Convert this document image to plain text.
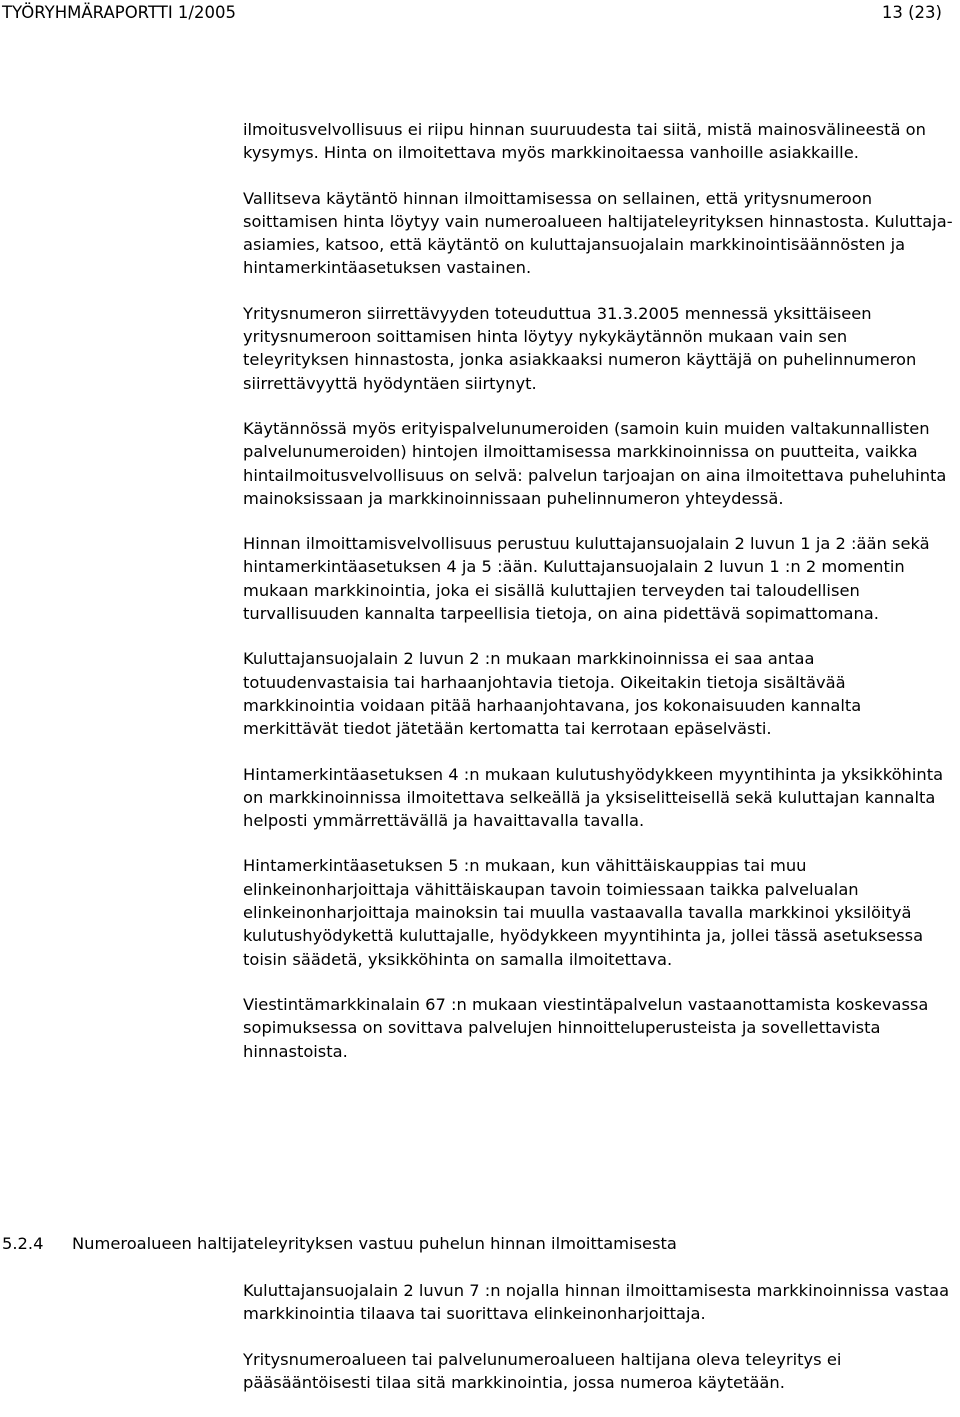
TYÖRYHMÄRAPORTTI 1/2005	13 (23)

ilmoitusvelvollisuus ei riipu hinnan suuruudesta tai siitä, mistä mainosvälineestä on kysymys. Hinta on ilmoitettava myös markkinoitaessa vanhoille asiakkaille.

Vallitseva käytäntö hinnan ilmoittamisessa on sellainen, että yritysnumeroon soittamisen hinta löytyy vain numeroalueen haltijateleyrityksen hinnastosta. Kuluttaja-asiamies, katsoo, että käytäntö on kuluttajansuojalain markkinointisäännösten ja hintamerkintäasetuksen vastainen.

Yritysnumeron siirrettävyyden toteuduttua 31.3.2005 mennessä yksittäiseen yritysnumeroon soittamisen hinta löytyy nykykäytännön mukaan vain sen teleyrityksen hinnastosta, jonka asiakkaaksi numeron käyttäjä on puhelinnumeron siirrettävyyttä hyödyntäen siirtynyt.

Käytännössä myös erityispalvelunumeroiden (samoin kuin muiden valtakunnallisten palvelunumeroiden) hintojen ilmoittamisessa markkinoinnissa on puutteita, vaikka hintailmoitusvelvollisuus on selvä: palvelun tarjoajan on aina ilmoitettava puheluhinta mainoksissaan ja markkinoinnissaan puhelinnumeron yhteydessä.

Hinnan ilmoittamisvelvollisuus perustuu kuluttajansuojalain 2 luvun 1 ja 2 :ään sekä hintamerkintäasetuksen 4 ja 5 :ään. Kuluttajansuojalain 2 luvun 1 :n 2 momentin mukaan markkinointia, joka ei sisällä kuluttajien terveyden tai taloudellisen turvallisuuden kannalta tarpeellisia tietoja, on aina pidettävä sopimattomana.

Kuluttajansuojalain 2 luvun 2 :n mukaan markkinoinnissa ei saa antaa totuudenvastaisia tai harhaanjohtavia tietoja. Oikeitakin tietoja sisältävää markkinointia voidaan pitää harhaanjohtavana, jos kokonaisuuden kannalta merkittävät tiedot jätetään kertomatta tai kerrotaan epäselvästi.

Hintamerkintäasetuksen 4 :n mukaan kulutushyödykkeen myyntihinta ja yksikköhinta on markkinoinnissa ilmoitettava selkeällä ja yksiselitteisellä sekä kuluttajan kannalta helposti ymmärrettävällä ja havaittavalla tavalla.

Hintamerkintäasetuksen 5 :n mukaan, kun vähittäiskauppias tai muu elinkeinonharjoittaja vähittäiskaupan tavoin toimiessaan taikka palvelualan elinkeinonharjoittaja mainoksin tai muulla vastaavalla tavalla markkinoi yksilöityä kulutushyödykettä kuluttajalle, hyödykkeen myyntihinta ja, jollei tässä asetuksessa toisin säädetä, yksikköhinta on samalla ilmoitettava.

Viestintämarkkinalain 67 :n mukaan viestintäpalvelun vastaanottamista koskevassa sopimuksessa on sovittava palvelujen hinnoitteluperusteista ja sovellettavista hinnastoista.

5.2.4 Numeroalueen haltijateleyrityksen vastuu puhelun hinnan ilmoittamisesta

Kuluttajansuojalain 2 luvun 7 :n nojalla hinnan ilmoittamisesta markkinoinnissa vastaa markkinointia tilaava tai suorittava elinkeinonharjoittaja.

Yritysnumeroalueen tai palvelunumeroalueen haltijana oleva teleyritys ei pääsääntöisesti tilaa sitä markkinointia, jossa numeroa käytetään.
